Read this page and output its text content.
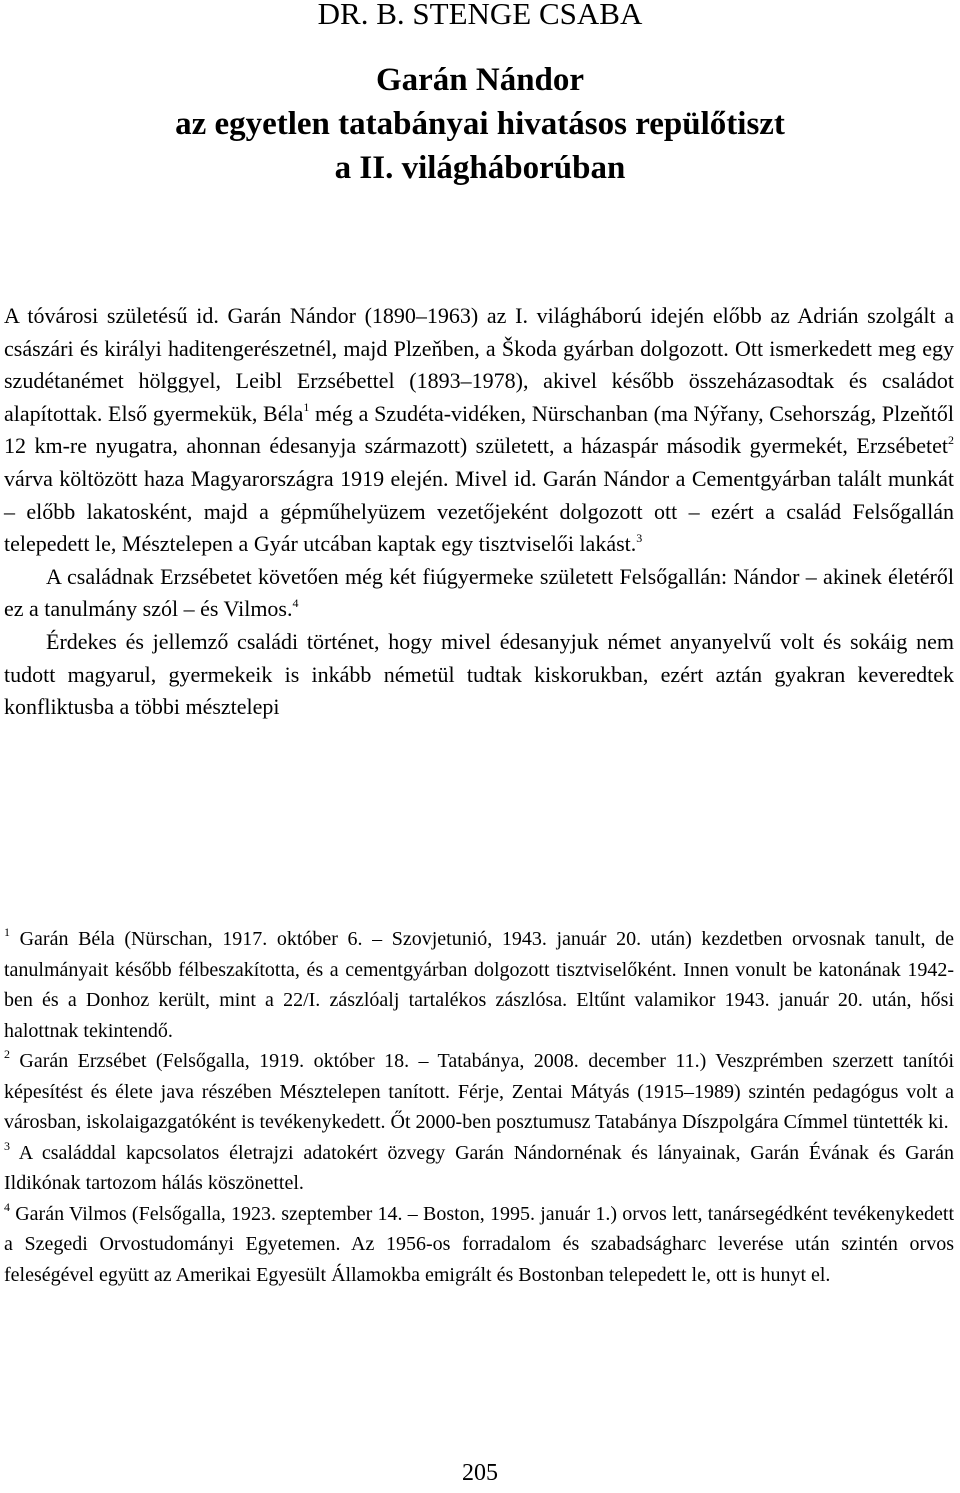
DR. B. STENGE CSABA
Garán Nándor
az egyetlen tatabányai hivatásos repülőtiszt
a II. világháborúban

A tóvárosi születésű id. Garán Nándor (1890–1963) az I. világháború idején előbb az Adrián szolgált a császári és királyi haditengerészetnél, majd Plzeňben, a Škoda gyárban dolgozott. Ott ismerkedett meg egy szudétanémet hölggyel, Leibl Erzsébettel (1893–1978), akivel később összeházasodtak és családot alapítottak. Első gyermekük, Béla$^1$ még a Szudéta-vidéken, Nürschanban (ma Nýřany, Csehország, Plzeňtől 12 km-re nyugatra, ahonnan édesanyja származott) született, a házaspár második gyermekét, Erzsébetet$^2$ várva költözött haza Magyarországra 1919 elején. Mivel id. Garán Nándor a Cementgyárban talált munkát – előbb lakatosként, majd a gépműhelyüzem vezetőjeként dolgozott ott – ezért a család Felsőgallán telepedett le, Mésztelepen a Gyár utcában kaptak egy tisztviselői lakást.$^3$

A családnak Erzsébetet követően még két fiúgyermeke született Felsőgallán: Nándor – akinek életéről ez a tanulmány szól – és Vilmos.$^4$

Érdekes és jellemző családi történet, hogy mivel édesanyjuk német anyanyelvű volt és sokáig nem tudott magyarul, gyermekeik is inkább németül tudtak kiskorukban, ezért aztán gyakran keveredtek konfliktusba a többi mésztelepi

$^1$ Garán Béla (Nürschan, 1917. október 6. – Szovjetunió, 1943. január 20. után) kezdetben orvosnak tanult, de tanulmányait később félbeszakította, és a cementgyárban dolgozott tisztviselőként. Innen vonult be katonának 1942-ben és a Donhoz került, mint a 22/I. zászlóalj tartalékos zászlósa. Eltűnt valamikor 1943. január 20. után, hősi halottnak tekintendő.

$^2$ Garán Erzsébet (Felsőgalla, 1919. október 18. – Tatabánya, 2008. december 11.) Veszprémben szerzett tanítói képesítést és élete java részében Mésztelepen tanított. Férje, Zentai Mátyás (1915–1989) szintén pedagógus volt a városban, iskolaigazgatóként is tevékenykedett. Őt 2000-ben posztumusz Tatabánya Díszpolgára Címmel tüntették ki.

$^3$ A családdal kapcsolatos életrajzi adatokért özvegy Garán Nándornénak és lányainak, Garán Évának és Garán Ildikónak tartozom hálás köszönettel.

$^4$ Garán Vilmos (Felsőgalla, 1923. szeptember 14. – Boston, 1995. január 1.) orvos lett, tanársegédként tevékenykedett a Szegedi Orvostudományi Egyetemen. Az 1956-os forradalom és szabadságharc leverése után szintén orvos feleségével együtt az Amerikai Egyesült Államokba emigrált és Bostonban telepedett le, ott is hunyt el.

205
